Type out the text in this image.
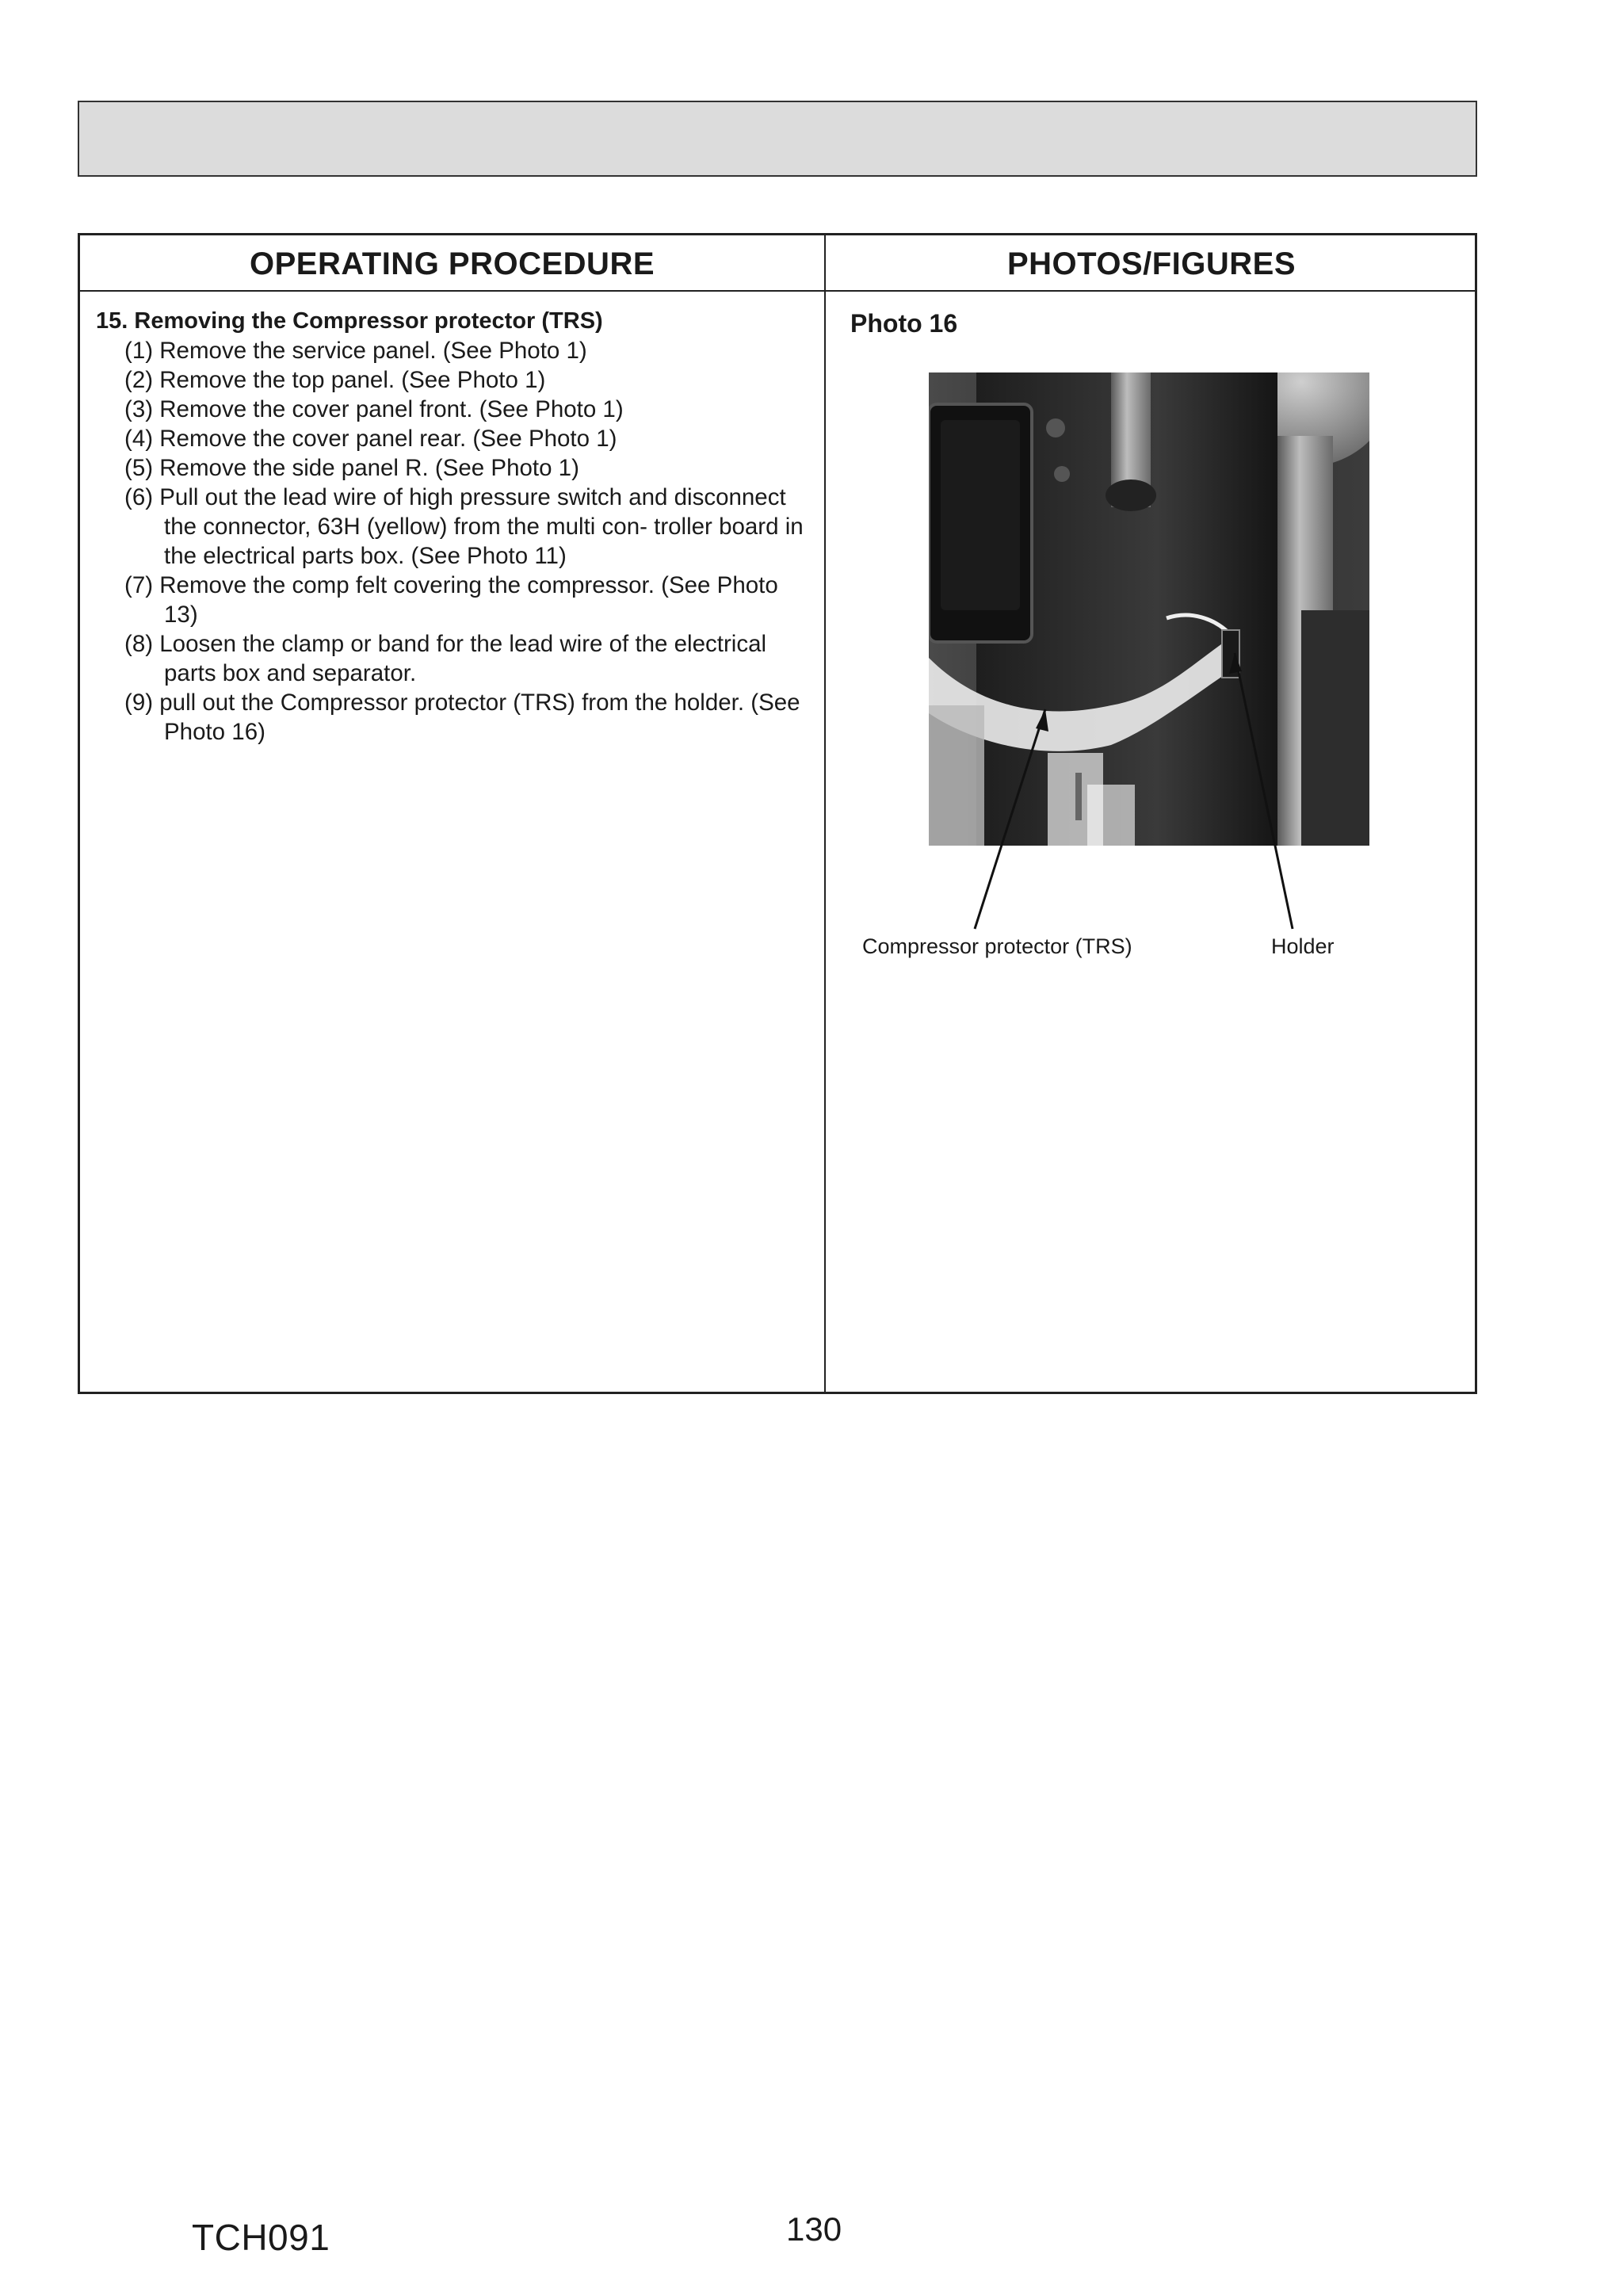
OPERATING PROCEDURE	PHOTOS/FIGURES
15. Removing the Compressor protector (TRS)
(1) Remove the service panel. (See Photo 1)
(2) Remove the top panel. (See Photo 1)
(3) Remove the cover panel front. (See Photo 1)
(4) Remove the cover panel rear. (See Photo 1)
(5) Remove the side panel R. (See Photo 1)
(6) Pull out the lead wire of high pressure switch and disconnect the connector, 63H (yellow) from the multi con- troller board in the electrical parts box. (See Photo 11)
(7) Remove the comp felt covering the compressor. (See Photo 13)
(8) Loosen the clamp or band for the lead wire of the electrical parts box and separator.
(9) pull out the Compressor protector (TRS) from the holder. (See Photo 16)
Photo 16
Compressor protector (TRS)	Holder
TCH091	130
